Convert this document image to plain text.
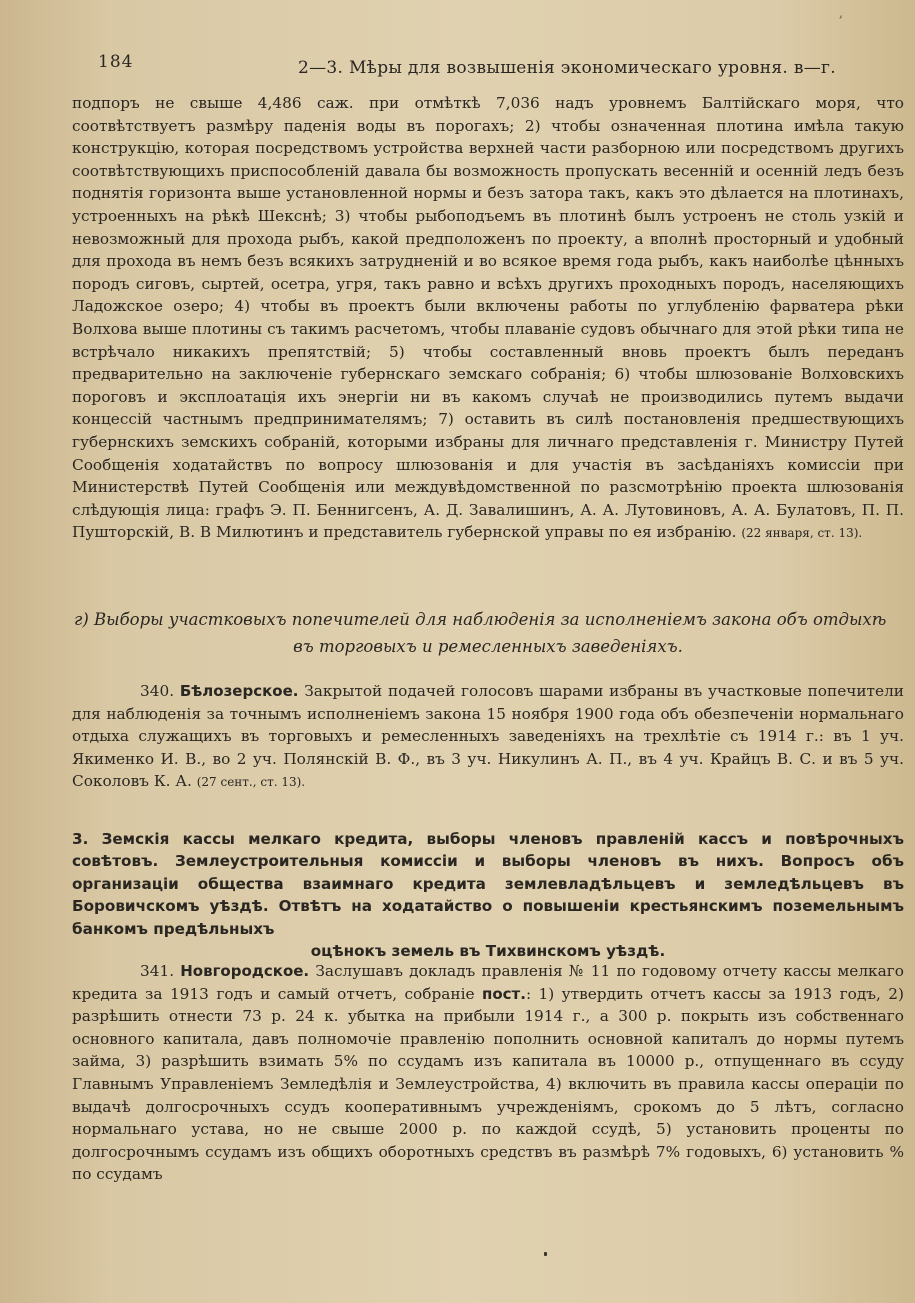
ʼ
184	2—3. Мѣры для возвышенія экономическаго уровня. в—г.

подпоръ не свыше 4,486 саж. при отмѣткѣ 7,036 надъ уровнемъ Балтійскаго моря, что соотвѣтствуетъ размѣру паденія воды въ порогахъ; 2) чтобы означенная плотина имѣла такую конструкцію, которая посредствомъ устройства верхней части разборною или посредствомъ другихъ соотвѣтствующихъ приспособленій давала бы возможность пропускать весенній и осенній ледъ безъ поднятія горизонта выше установленной нормы и безъ затора такъ, какъ это дѣлается на плотинахъ, устроенныхъ на рѣкѣ Шекснѣ; 3) чтобы рыбоподъемъ въ плотинѣ былъ устроенъ не столь узкій и невозможный для прохода рыбъ, какой предположенъ по проекту, а вполнѣ просторный и удобный для прохода въ немъ безъ всякихъ затрудненій и во всякое время года рыбъ, какъ наиболѣе цѣнныхъ породъ сиговъ, сыртей, осетра, угря, такъ равно и всѣхъ другихъ проходныхъ породъ, населяющихъ Ладожское озеро; 4) чтобы въ проектъ были включены работы по углубленію фарватера рѣки Волхова выше плотины съ такимъ расчетомъ, чтобы плаваніе судовъ обычнаго для этой рѣки типа не встрѣчало никакихъ препятствій; 5) чтобы составленный вновь проектъ былъ переданъ предварительно на заключеніе губернскаго земскаго собранія; 6) чтобы шлюзованіе Волховскихъ пороговъ и эксплоатація ихъ энергіи ни въ какомъ случаѣ не производились путемъ выдачи концессій частнымъ предпринимателямъ; 7) оставить въ силѣ постановленія предшествующихъ губернскихъ земскихъ собраній, которыми избраны для личнаго представленія г. Министру Путей Сообщенія ходатайствъ по вопросу шлюзованія и для участія въ засѣданіяхъ комиссіи при Министерствѣ Путей Сообщенія или междувѣдомственной по разсмотрѣнію проекта шлюзованія слѣдующія лица: графъ Э. П. Беннигсенъ, А. Д. Завалишинъ, А. А. Лутовиновъ, А. А. Булатовъ, П. П. Пушторскій, В. В Милютинъ и представитель губернской управы по ея избранію. (22 января, ст. 13).

г) Выборы участковыхъ попечителей для наблюденія за исполненіемъ закона объ отдыхѣ
въ торговыхъ и ремесленныхъ заведеніяхъ.

340. Бѣлозерское. Закрытой подачей голосовъ шарами избраны въ участковые попечители для наблюденія за точнымъ исполненіемъ закона 15 ноября 1900 года объ обезпеченіи нормальнаго отдыха служащихъ въ торговыхъ и ремесленныхъ заведеніяхъ на трехлѣтіе съ 1914 г.: въ 1 уч. Якименко И. В., во 2 уч. Полянскій В. Ф., въ 3 уч. Никулинъ А. П., въ 4 уч. Крайцъ В. С. и въ 5 уч. Соколовъ К. А. (27 сент., ст. 13).

3. Земскія кассы мелкаго кредита, выборы членовъ правленій кассъ и повѣрочныхъ совѣтовъ. Землеустроительныя комиссіи и выборы членовъ въ нихъ. Вопросъ объ организаціи общества взаимнаго кредита землевладѣльцевъ и земледѣльцевъ въ Боровичскомъ уѣздѣ. Отвѣтъ на ходатайство о повышеніи крестьянскимъ поземельнымъ банкомъ предѣльныхъ
оцѣнокъ земель въ Тихвинскомъ уѣздѣ.

341. Новгородское. Заслушавъ докладъ правленія № 11 по годовому отчету кассы мелкаго кредита за 1913 годъ и самый отчетъ, собраніе пост.: 1) утвердить отчетъ кассы за 1913 годъ, 2) разрѣшить отнести 73 р. 24 к. убытка на прибыли 1914 г., а 300 р. покрыть изъ собственнаго основного капитала, давъ полномочіе правленію пополнить основной капиталъ до нормы путемъ займа, 3) разрѣшить взимать 5% по ссудамъ изъ капитала въ 10000 р., отпущеннаго въ ссуду Главнымъ Управленіемъ Земледѣлія и Землеустройства, 4) включить въ правила кассы операціи по выдачѣ долгосрочныхъ ссудъ кооперативнымъ учрежденіямъ, срокомъ до 5 лѣтъ, согласно нормальнаго устава, но не свыше 2000 р. по каждой ссудѣ, 5) установить проценты по долгосрочнымъ ссудамъ изъ общихъ оборотныхъ средствъ въ размѣрѣ 7% годовыхъ, 6) установить % по ссудамъ
